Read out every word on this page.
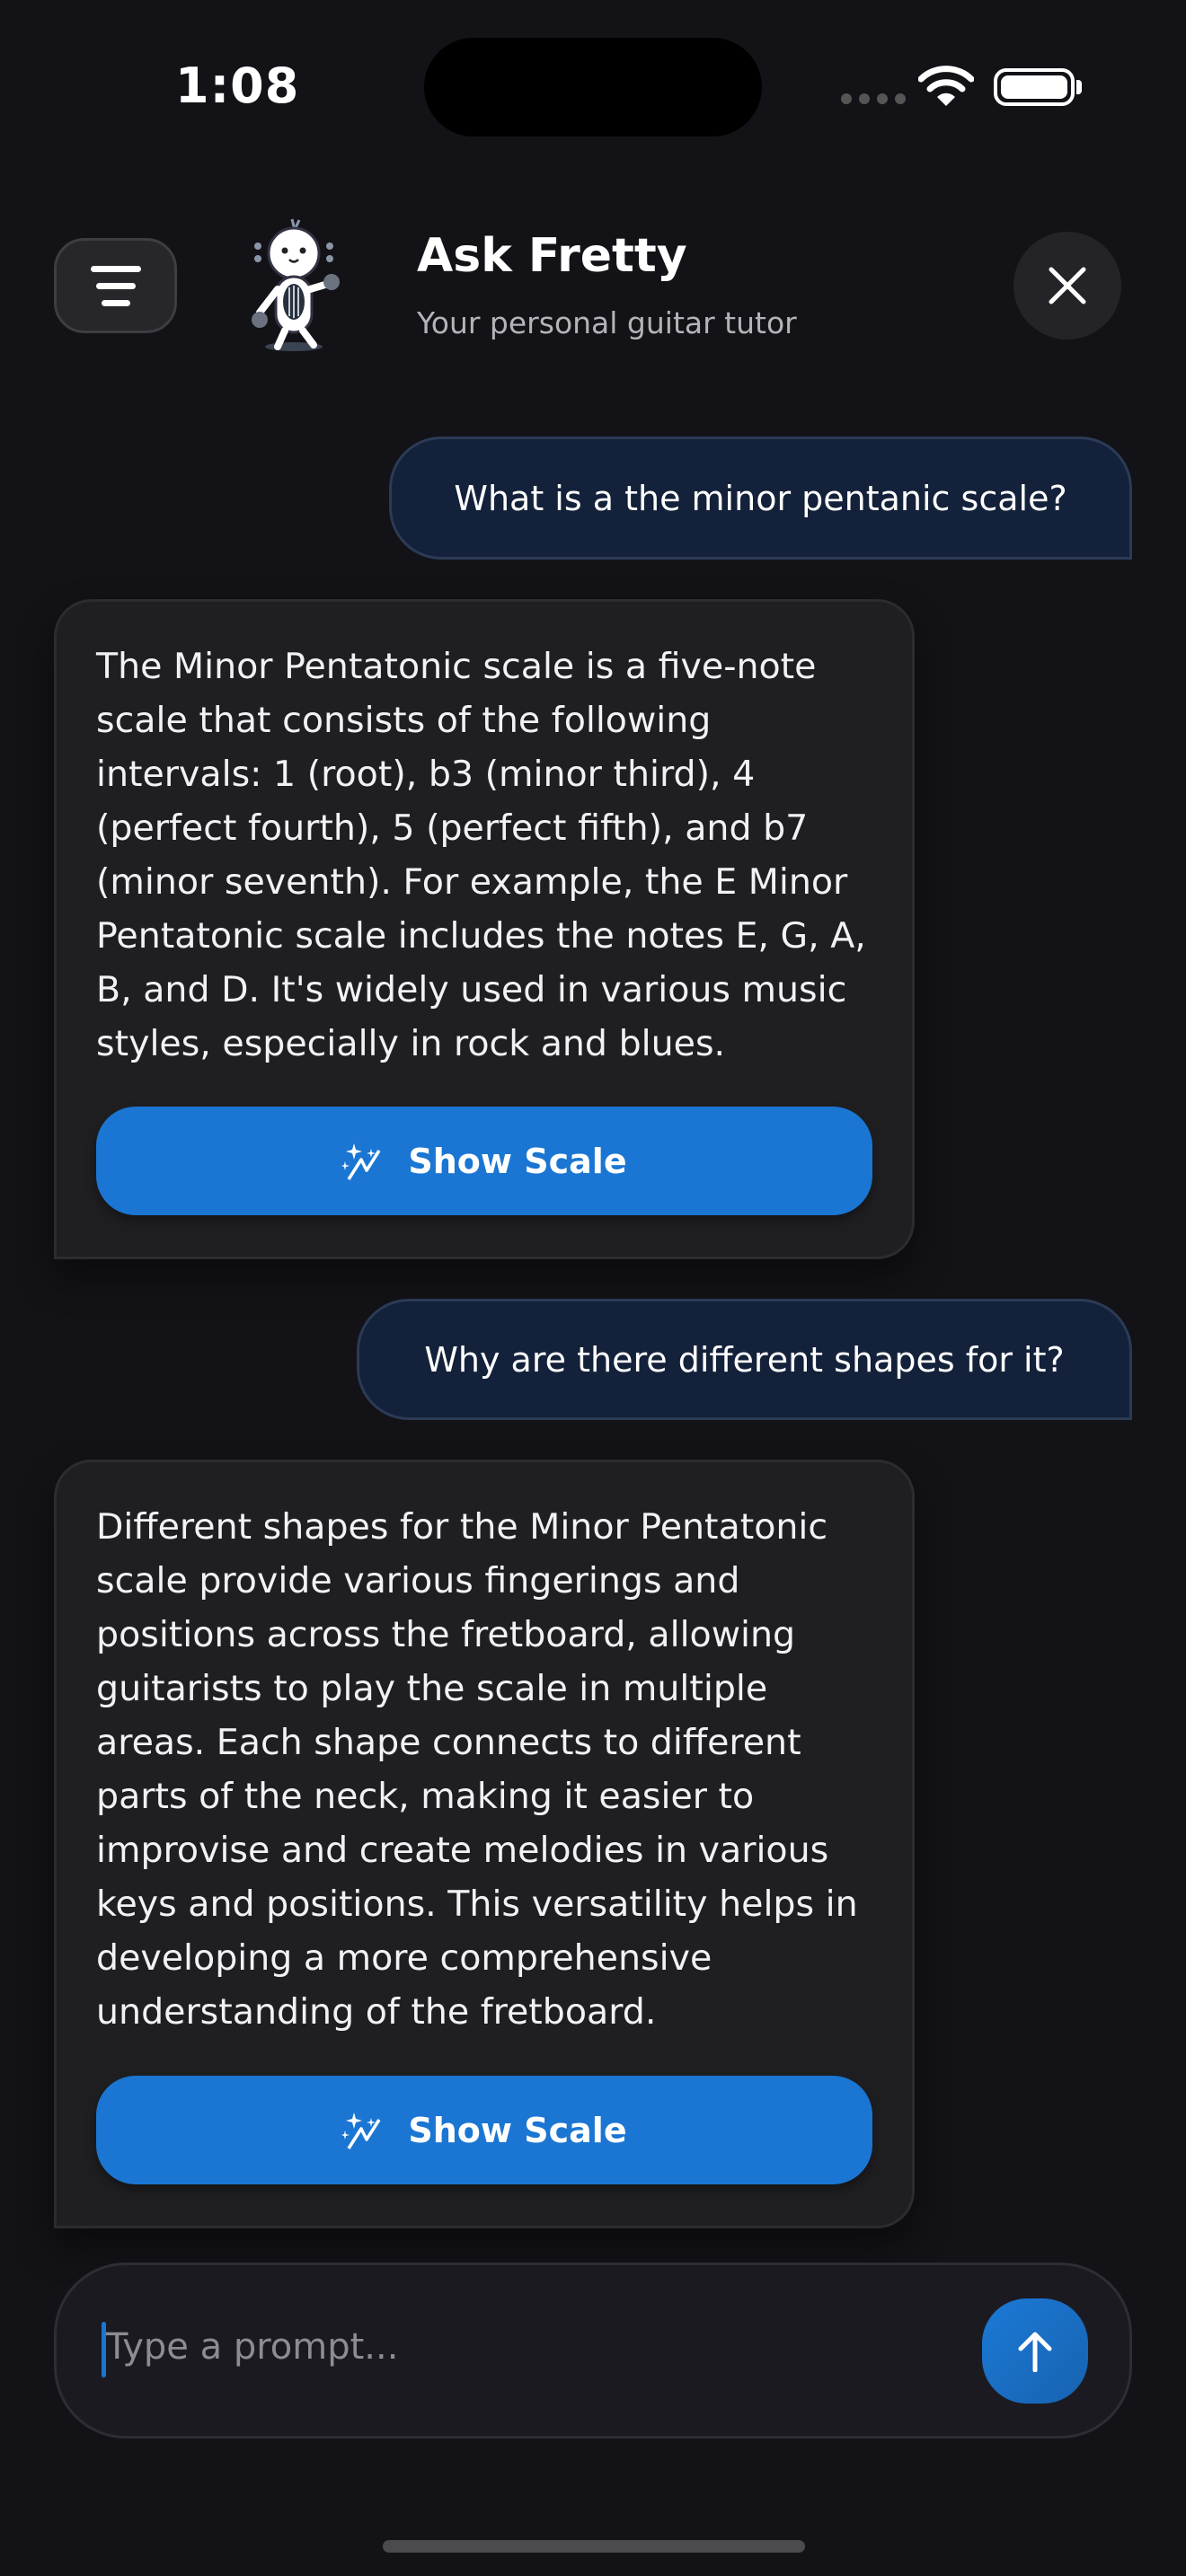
1:08
Ask Fretty
Your personal guitar tutor
What is a the minor pentanic scale?

The Minor Pentatonic scale is a five-note scale that consists of the following intervals: 1 (root), b3 (minor third), 4 (perfect fourth), 5 (perfect fifth), and b7 (minor seventh). For example, the E Minor Pentatonic scale includes the notes E, G, A, B, and D. It's widely used in various music styles, especially in rock and blues.

Show Scale
Why are there different shapes for it?

Different shapes for the Minor Pentatonic scale provide various fingerings and positions across the fretboard, allowing guitarists to play the scale in multiple areas. Each shape connects to different parts of the neck, making it easier to improvise and create melodies in various keys and positions. This versatility helps in developing a more comprehensive understanding of the fretboard.

Show Scale
Type a prompt...
